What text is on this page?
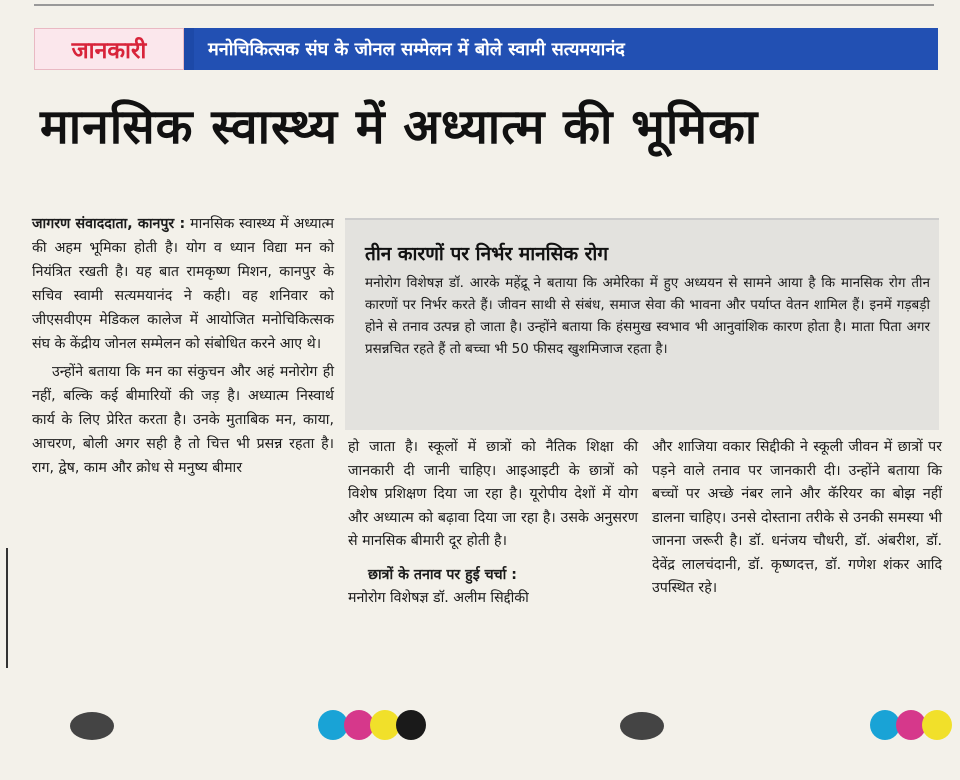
जानकारी	मनोचिकित्सक संघ के जोनल सम्मेलन में बोले स्वामी सत्यमयानंद
मानसिक स्वास्थ्य में अध्यात्म की भूमिका

जागरण संवाददाता, कानपुर : मानसिक स्वास्थ्य में अध्यात्म की अहम भूमिका होती है। योग व ध्यान विद्या मन को नियंत्रित रखती है। यह बात रामकृष्ण मिशन, कानपुर के सचिव स्वामी सत्यमयानंद ने कही। वह शनिवार को जीएसवीएम मेडिकल कालेज में आयोजित मनोचिकित्सक संघ के केंद्रीय जोनल सम्मेलन को संबोधित करने आए थे।

उन्होंने बताया कि मन का संकुचन और अहं मनोरोग ही नहीं, बल्कि कई बीमारियों की जड़ है। अध्यात्म निस्वार्थ कार्य के लिए प्रेरित करता है। उनके मुताबिक मन, काया, आचरण, बोली अगर सही है तो चित्त भी प्रसन्न रहता है। राग, द्वेष, काम और क्रोध से मनुष्य बीमार

तीन कारणों पर निर्भर मानसिक रोग
मनोरोग विशेषज्ञ डॉ. आरके महेंद्रू ने बताया कि अमेरिका में हुए अध्ययन से सामने आया है कि मानसिक रोग तीन कारणों पर निर्भर करते हैं। जीवन साथी से संबंध, समाज सेवा की भावना और पर्याप्त वेतन शामिल हैं। इनमें गड़बड़ी होने से तनाव उत्पन्न हो जाता है। उन्होंने बताया कि हंसमुख स्वभाव भी आनुवांशिक कारण होता है। माता पिता अगर प्रसन्नचित रहते हैं तो बच्चा भी 50 फीसद खुशमिजाज रहता है।
हो जाता है। स्कूलों में छात्रों को नैतिक शिक्षा की जानकारी दी जानी चाहिए। आइआइटी के छात्रों को विशेष प्रशिक्षण दिया जा रहा है। यूरोपीय देशों में योग और अध्यात्म को बढ़ावा दिया जा रहा है। उसके अनुसरण से मानसिक बीमारी दूर होती है।
छात्रों के तनाव पर हुई चर्चा :
मनोरोग विशेषज्ञ डॉ. अलीम सिद्दीकी
और शाजिया वकार सिद्दीकी ने स्कूली जीवन में छात्रों पर पड़ने वाले तनाव पर जानकारी दी। उन्होंने बताया कि बच्चों पर अच्छे नंबर लाने और कॅरियर का बोझ नहीं डालना चाहिए। उनसे दोस्ताना तरीके से उनकी समस्या भी जानना जरूरी है। डॉ. धनंजय चौधरी, डॉ. अंबरीश, डॉ. देवेंद्र लालचंदानी, डॉ. कृष्णदत्त, डॉ. गणेश शंकर आदि उपस्थित रहे।
